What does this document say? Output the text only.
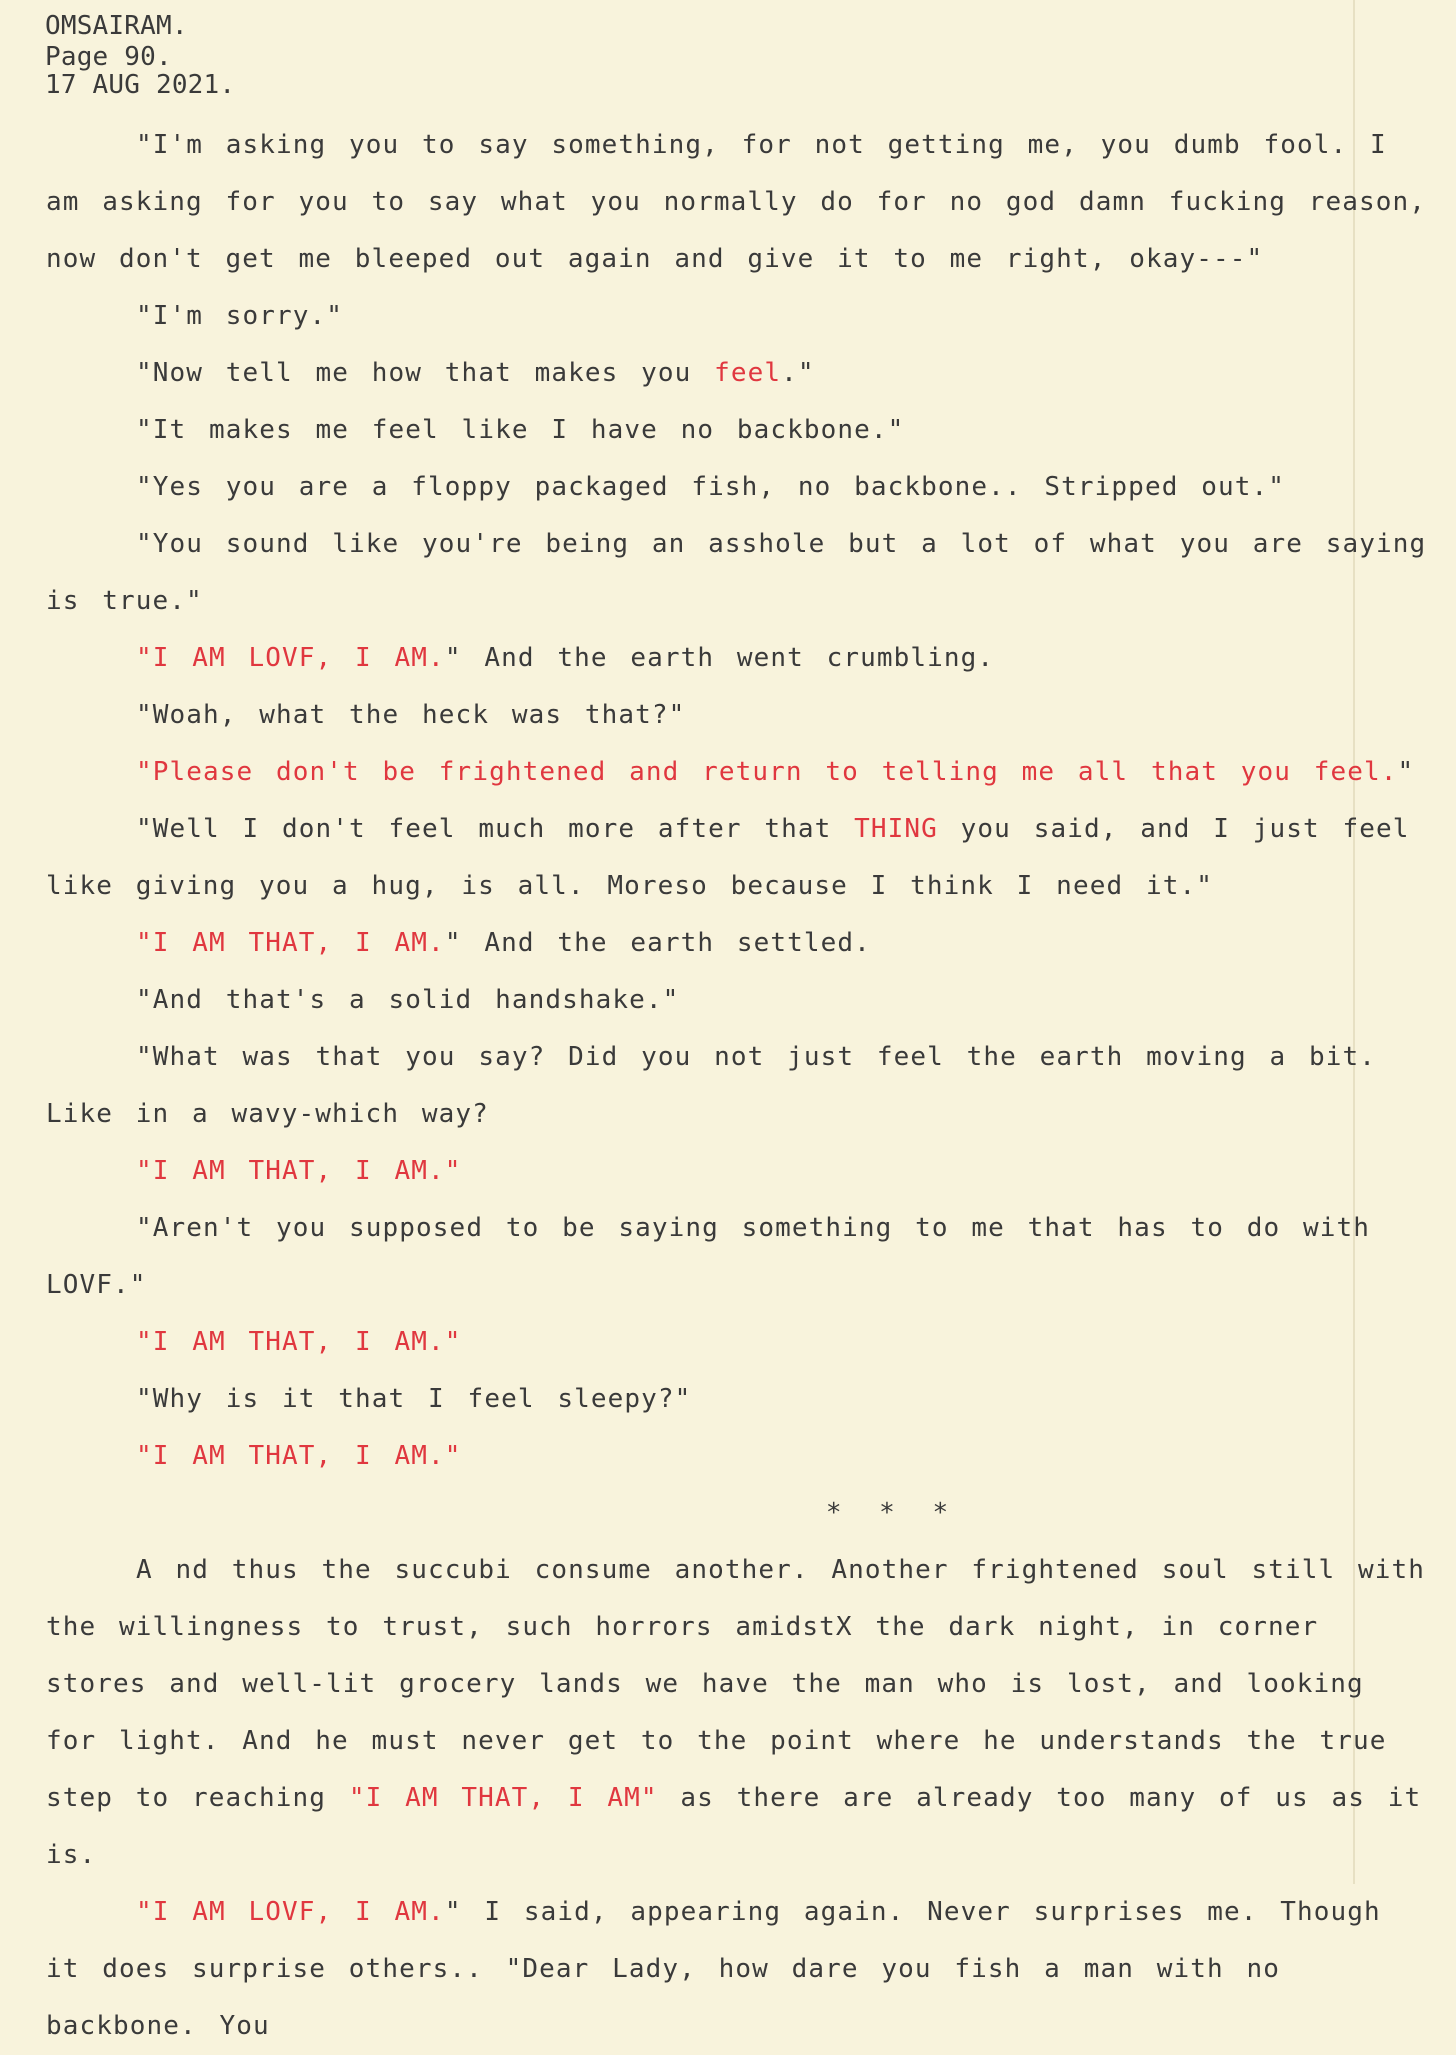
OMSAIRAM.

Page 90.

17 AUG 2021.

"I'm asking you to say something, for not getting me, you dumb fool. I am asking for you to say what you normally do for no god damn fucking reason, now don't get me bleeped out again and give it to me right, okay---"

"I'm sorry."

"Now tell me how that makes you feel."

"It makes me feel like I have no backbone."

"Yes you are a floppy packaged fish, no backbone.. Stripped out."

"You sound like you're being an asshole but a lot of what you are saying is true."

"I AM LOVF, I AM." And the earth went crumbling.

"Woah, what the heck was that?"

"Please don't be frightened and return to telling me all that you feel."

"Well I don't feel much more after that THING you said, and I just feel like giving you a hug, is all. Moreso because I think I need it."

"I AM THAT, I AM." And the earth settled.

"And that's a solid handshake."

"What was that you say? Did you not just feel the earth moving a bit. Like in a wavy-which way?

"I AM THAT, I AM."

"Aren't you supposed to be saying something to me that has to do with LOVF."

"I AM THAT, I AM."

"Why is it that I feel sleepy?"

"I AM THAT, I AM."

* * *

A nd thus the succubi consume another. Another frightened soul still with the willingness to trust, such horrors amidstX the dark night, in corner stores and well-lit grocery lands we have the man who is lost, and looking for light. And he must never get to the point where he understands the true step to reaching "I AM THAT, I AM" as there are already too many of us as it is.

"I AM LOVF, I AM." I said, appearing again. Never surprises me. Though it does surprise others.. "Dear Lady, how dare you fish a man with no backbone. You
